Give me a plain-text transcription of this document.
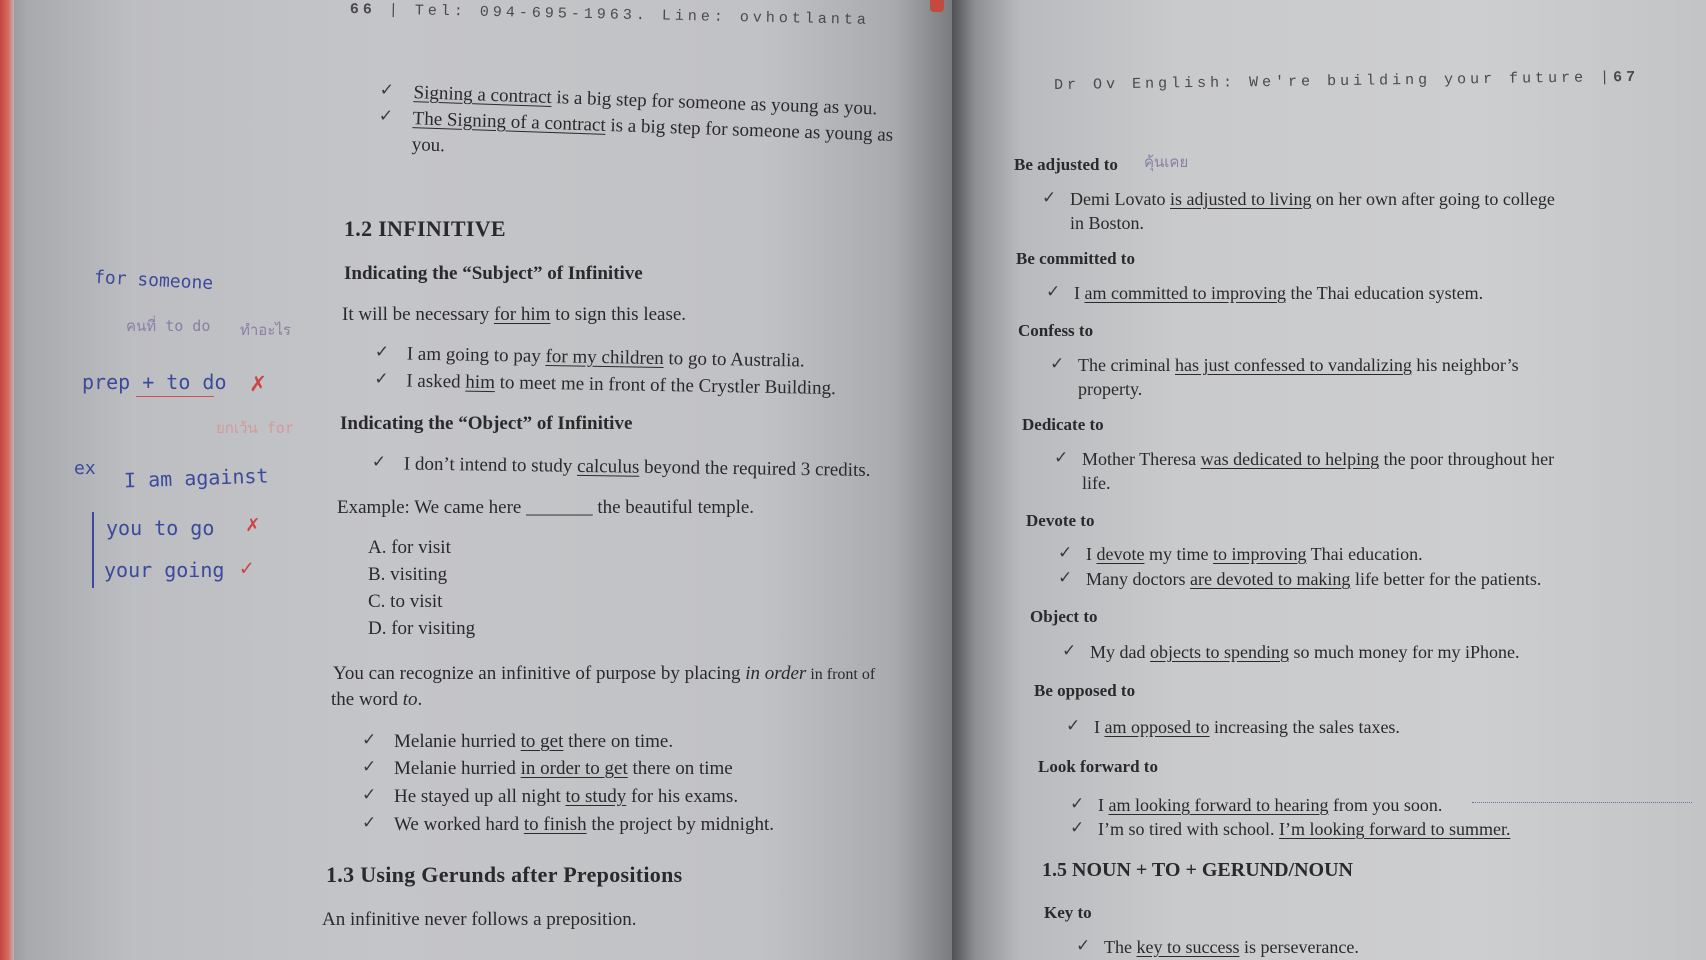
66 | Tel: 094-695-1963. Line: ovhotlanta
✓ Signing a contract is a big step for someone as young as you.
✓ The Signing of a contract is a big step for someone as young as
you.
1.2 INFINITIVE
Indicating the “Subject” of Infinitive
It will be necessary for him to sign this lease.
✓ I am going to pay for my children to go to Australia.
✓ I asked him to meet me in front of the Crystler Building.
Indicating the “Object” of Infinitive
✓ I don’t intend to study calculus beyond the required 3 credits.
Example: We came here _______ the beautiful temple.
A. for visit
B. visiting
C. to visit
D. for visiting
You can recognize an infinitive of purpose by placing in order in front of
the word to.
✓ Melanie hurried to get there on time.
✓ Melanie hurried in order to get there on time
✓ He stayed up all night to study for his exams.
✓ We worked hard to finish the project by midnight.
1.3 Using Gerunds after Prepositions
An infinitive never follows a preposition.
for someone
คนที่ to do ทำอะไร
prep + to do ✗
ยกเว้น for
ex I am against
you to go ✗
your going ✓
Dr Ov English: We're building your future |67
Be adjusted to คุ้นเคย
✓ Demi Lovato is adjusted to living on her own after going to college
in Boston.
Be committed to
✓ I am committed to improving the Thai education system.
Confess to
✓ The criminal has just confessed to vandalizing his neighbor’s
property.
Dedicate to
✓ Mother Theresa was dedicated to helping the poor throughout her
life.
Devote to
✓ I devote my time to improving Thai education.
✓ Many doctors are devoted to making life better for the patients.
Object to
✓ My dad objects to spending so much money for my iPhone.
Be opposed to
✓ I am opposed to increasing the sales taxes.
Look forward to
✓ I am looking forward to hearing from you soon.
✓ I’m so tired with school. I’m looking forward to summer.
1.5 NOUN + TO + GERUND/NOUN
Key to
✓ The key to success is perseverance.
